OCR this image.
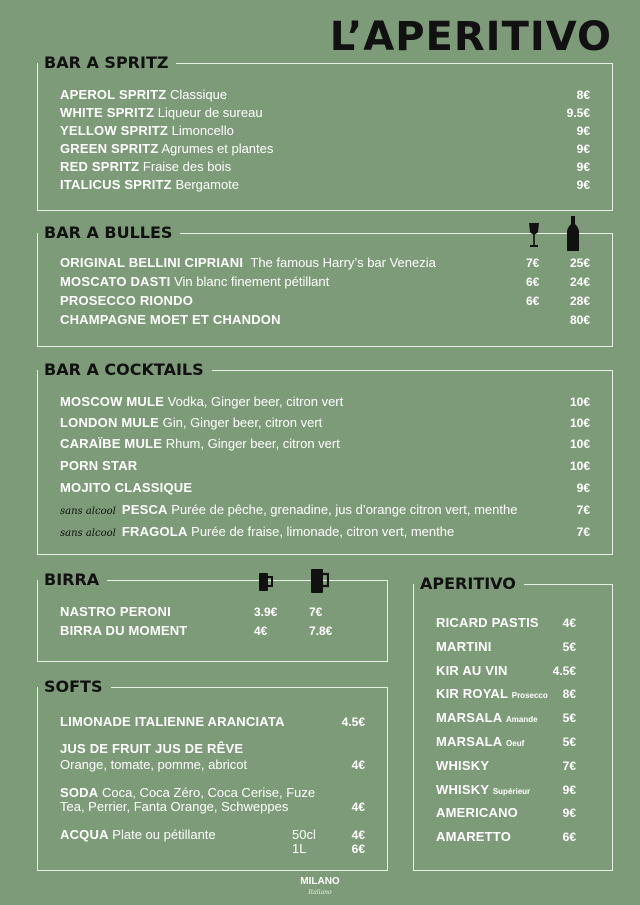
L’APERITIVO
BAR A SPRITZ
APEROL SPRITZ Classique	8€
WHITE SPRITZ Liqueur de sureau	9.5€
YELLOW SPRITZ Limoncello	9€
GREEN SPRITZ Agrumes et plantes	9€
RED SPRITZ Fraise des bois	9€
ITALICUS SPRITZ Bergamote	9€
BAR A BULLES
ORIGINAL BELLINI CIPRIANI The famous Harry’s bar Venezia	7€	25€
MOSCATO DASTI Vin blanc finement pétillant	6€	24€
PROSECCO RIONDO	6€	28€
CHAMPAGNE MOET ET CHANDON	80€
BAR A COCKTAILS
MOSCOW MULE Vodka, Ginger beer, citron vert	10€
LONDON MULE Gin, Ginger beer, citron vert	10€
CARAÏBE MULE Rhum, Ginger beer, citron vert	10€
PORN STAR	10€
MOJITO CLASSIQUE	9€
sans alcool PESCA Purée de pêche, grenadine, jus d’orange citron vert, menthe	7€
sans alcool FRAGOLA Purée de fraise, limonade, citron vert, menthe	7€
BIRRA
NASTRO PERONI	3.9€	7€
BIRRA DU MOMENT	4€	7.8€
SOFTS
LIMONADE ITALIENNE ARANCIATA	4.5€
JUS DE FRUIT JUS DE RÊVE
Orange, tomate, pomme, abricot	4€
SODA Coca, Coca Zéro, Coca Cerise, Fuze
Tea, Perrier, Fanta Orange, Schweppes	4€
ACQUA Plate ou pétillante	50cl	4€
1L	6€
APERITIVO
RICARD PASTIS 4€
MARTINI	5€
KIR AU VIN	4.5€
KIR ROYAL Prosecco 8€
MARSALA Amande 5€
MARSALA Oeuf	5€
WHISKY	7€
WHISKY Supérieur	9€
AMERICANO	9€
AMARETTO	6€
MILANO
Italiano
